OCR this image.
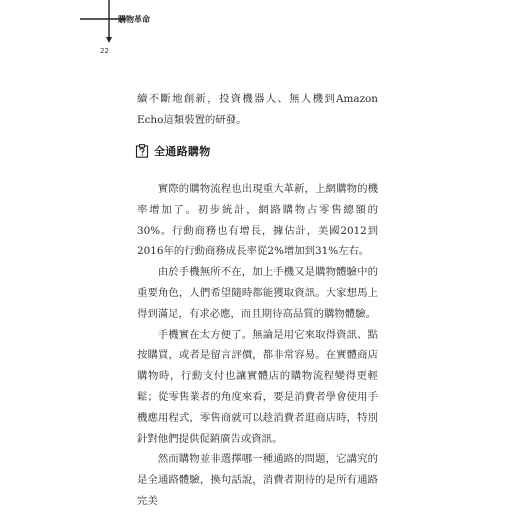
購物革命
22

續不斷地創新，投資機器人、無人機到Amazon Echo這類裝置的研發。

全通路購物

實際的購物流程也出現重大革新，上網購物的機率增加了。初步統計，網路購物占零售總額的30%。行動商務也有增長，據估計，美國2012到2016年的行動商務成長率從2%增加到31%左右。

由於手機無所不在，加上手機又是購物體驗中的重要角色，人們希望隨時都能獲取資訊。大家想馬上得到滿足，有求必應，而且期待高品質的購物體驗。

手機實在太方便了。無論是用它來取得資訊、點按購買，或者是留言評價，都非常容易。在實體商店購物時，行動支付也讓實體店的購物流程變得更輕鬆；從零售業者的角度來看，要是消費者學會使用手機應用程式，零售商就可以趁消費者逛商店時，特別針對他們提供促銷廣告或資訊。

然而購物並非選擇哪一種通路的問題，它講究的是全通路體驗，換句話說，消費者期待的是所有通路完美
